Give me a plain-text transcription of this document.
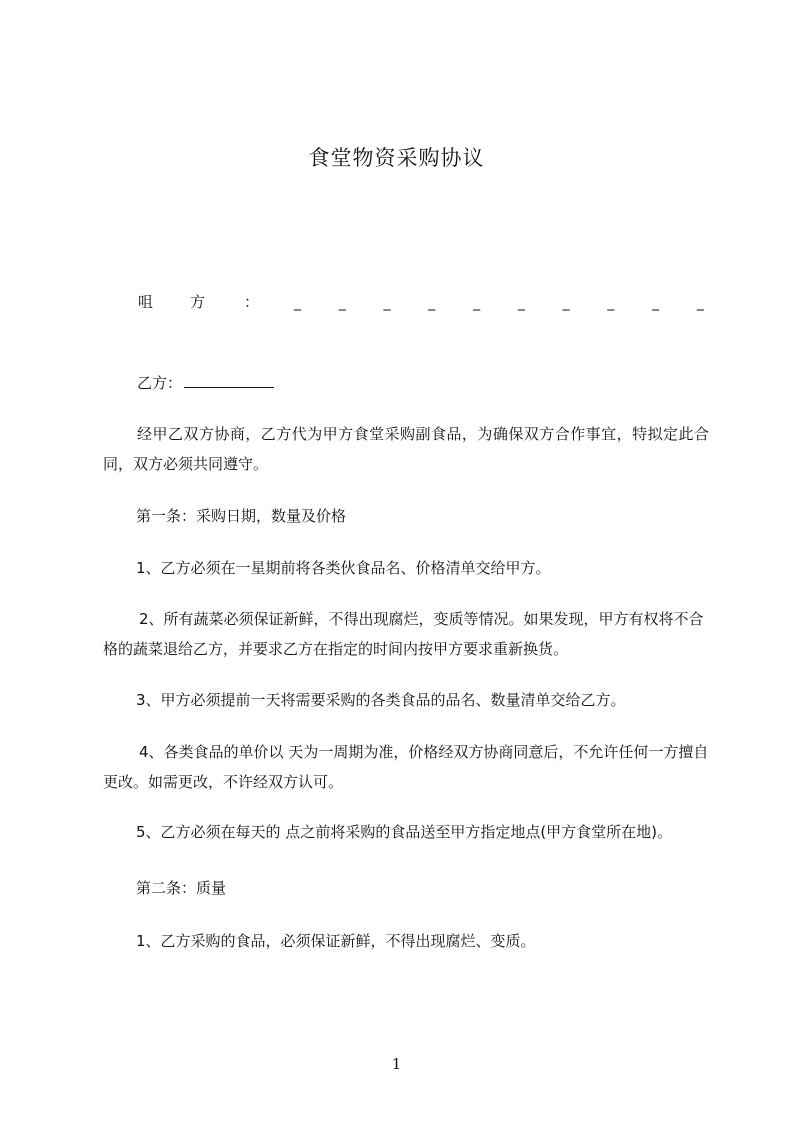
食堂物资采购协议
咀 方	： _	_	_	_	_	_	_	_	_	_
乙方：

经甲乙双方协商，乙方代为甲方食堂采购副食品，为确保双方合作事宜，特拟定此合同，双方必须共同遵守。

第一条：采购日期，数量及价格

1、乙方必须在一星期前将各类伙食品名、价格清单交给甲方。

2、所有蔬菜必须保证新鲜，不得出现腐烂，变质等情况。如果发现，甲方有权将不合格的蔬菜退给乙方，并要求乙方在指定的时间内按甲方要求重新换货。

3、甲方必须提前一天将需要采购的各类食品的品名、数量清单交给乙方。

4、各类食品的单价以 天为一周期为准，价格经双方协商同意后，不允许任何一方擅自更改。如需更改，不许经双方认可。

5、乙方必须在每天的 点之前将采购的食品送至甲方指定地点(甲方食堂所在地)。

第二条：质量

1、乙方采购的食品，必须保证新鲜，不得出现腐烂、变质。

1
